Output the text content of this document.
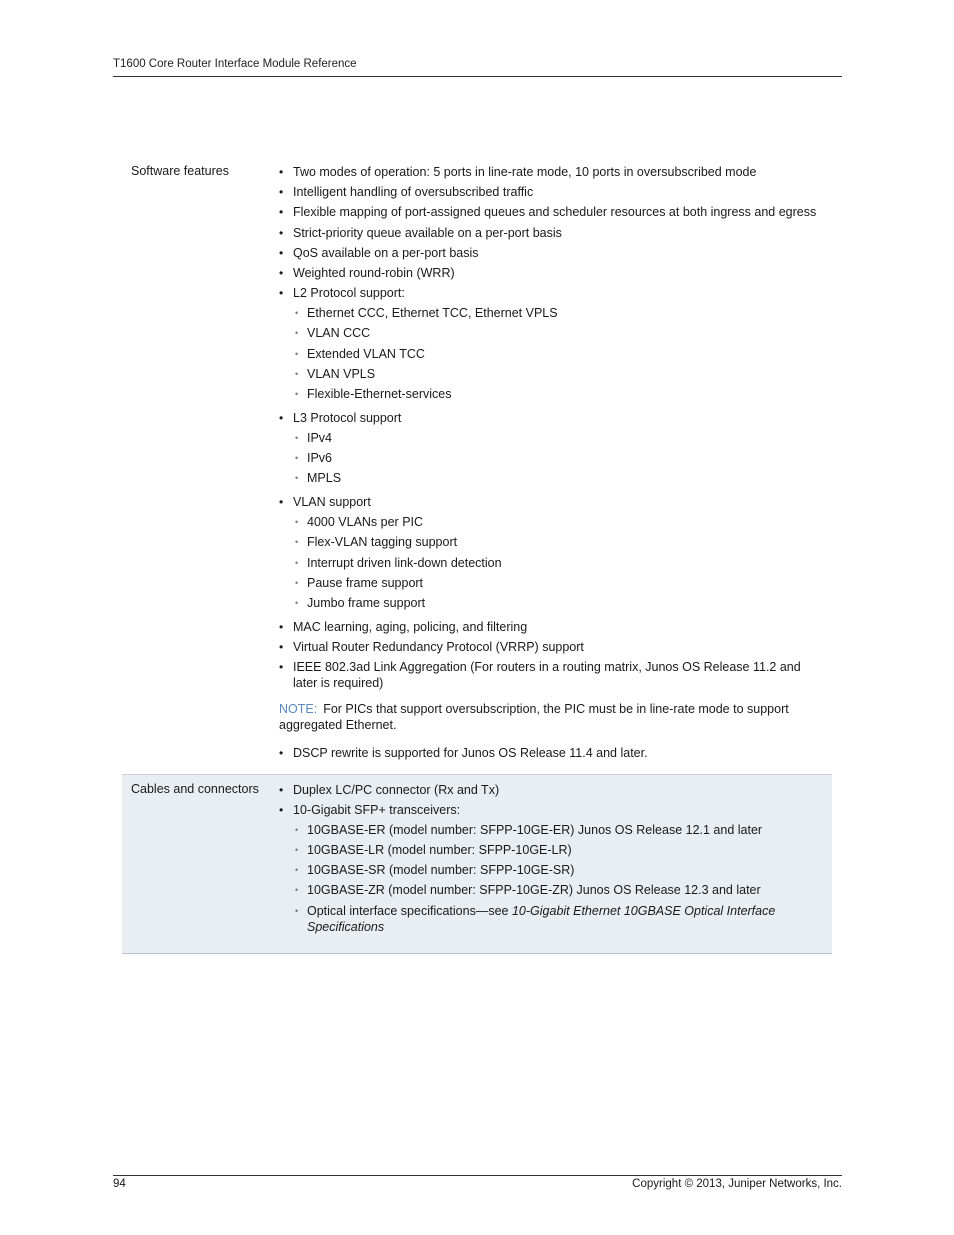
T1600 Core Router Interface Module Reference
Software features	• Two modes of operation: 5 ports in line-rate mode, 10 ports in oversubscribed mode
• Intelligent handling of oversubscribed traffic
• Flexible mapping of port-assigned queues and scheduler resources at both ingress and egress
• Strict-priority queue available on a per-port basis
• QoS available on a per-port basis
• Weighted round-robin (WRR)
• L2 Protocol support:
• Ethernet CCC, Ethernet TCC, Ethernet VPLS
• VLAN CCC
• Extended VLAN TCC
• VLAN VPLS
• Flexible-Ethernet-services
• L3 Protocol support
• IPv4
• IPv6
• MPLS
• VLAN support
• 4000 VLANs per PIC
• Flex-VLAN tagging support
• Interrupt driven link-down detection
• Pause frame support
• Jumbo frame support
• MAC learning, aging, policing, and filtering
• Virtual Router Redundancy Protocol (VRRP) support
• IEEE 802.3ad Link Aggregation (For routers in a routing matrix, Junos OS Release 11.2 and later is required)
NOTE: For PICs that support oversubscription, the PIC must be in line-rate mode to support aggregated Ethernet.
• DSCP rewrite is supported for Junos OS Release 11.4 and later.
Cables and connectors	• Duplex LC/PC connector (Rx and Tx)
• 10-Gigabit SFP+ transceivers:
• 10GBASE-ER (model number: SFPP-10GE-ER) Junos OS Release 12.1 and later
• 10GBASE-LR (model number: SFPP-10GE-LR)
• 10GBASE-SR (model number: SFPP-10GE-SR)
• 10GBASE-ZR (model number: SFPP-10GE-ZR) Junos OS Release 12.3 and later
• Optical interface specifications—see 10-Gigabit Ethernet 10GBASE Optical Interface Specifications
94	Copyright © 2013, Juniper Networks, Inc.
